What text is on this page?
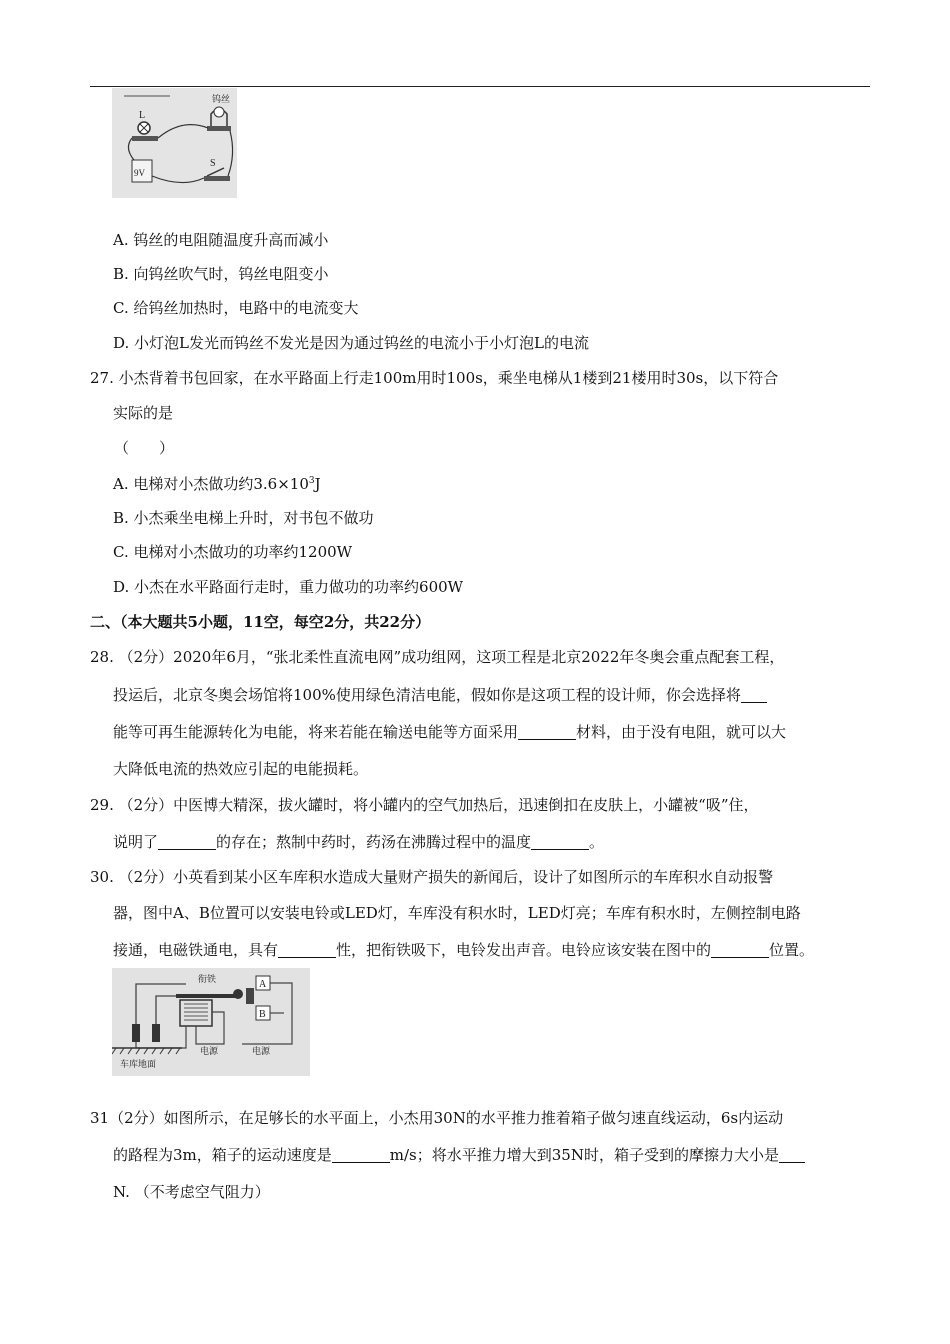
L
钨丝
9V
S
A. 钨丝的电阻随温度升高而减小
B. 向钨丝吹气时，钨丝电阻变小
C. 给钨丝加热时，电路中的电流变大
D. 小灯泡L发光而钨丝不发光是因为通过钨丝的电流小于小灯泡L的电流
27. 小杰背着书包回家，在水平路面上行走100m用时100s，乘坐电梯从1楼到21楼用时30s，以下符合
实际的是
（　　）
A. 电梯对小杰做功约$3.6\times 10^3J$
B. 小杰乘坐电梯上升时，对书包不做功
C. 电梯对小杰做功的功率约1200W
D. 小杰在水平路面行走时，重力做功的功率约600W
二、（本大题共5小题，11空，每空2分，共22分）
28. （2分）2020年6月，“张北柔性直流电网”成功组网，这项工程是北京2022年冬奥会重点配套工程，
投运后，北京冬奥会场馆将100%使用绿色清洁电能，假如你是这项工程的设计师，你会选择将
能等可再生能源转化为电能，将来若能在输送电能等方面采用	材料，由于没有电阻，就可以大
大降低电流的热效应引起的电能损耗。
29. （2分）中医博大精深，拔火罐时，将小罐内的空气加热后，迅速倒扣在皮肤上，小罐被“吸”住，
说明了	的存在；熬制中药时，药汤在沸腾过程中的温度	。
30. （2分）小英看到某小区车库积水造成大量财产损失的新闻后，设计了如图所示的车库积水自动报警
器，图中A、B位置可以安装电铃或LED灯，车库没有积水时，LED灯亮；车库有积水时，左侧控制电路
接通，电磁铁通电，具有	性，把衔铁吸下，电铃发出声音。电铃应该安装在图中的	位置。
衔铁	A
B
车库地面
电源	电源
31（2分）如图所示，在足够长的水平面上，小杰用30N的水平推力推着箱子做匀速直线运动，6s内运动
的路程为3m，箱子的运动速度是	m/s；将水平推力增大到35N时，箱子受到的摩擦力大小是
N. （不考虑空气阻力）
